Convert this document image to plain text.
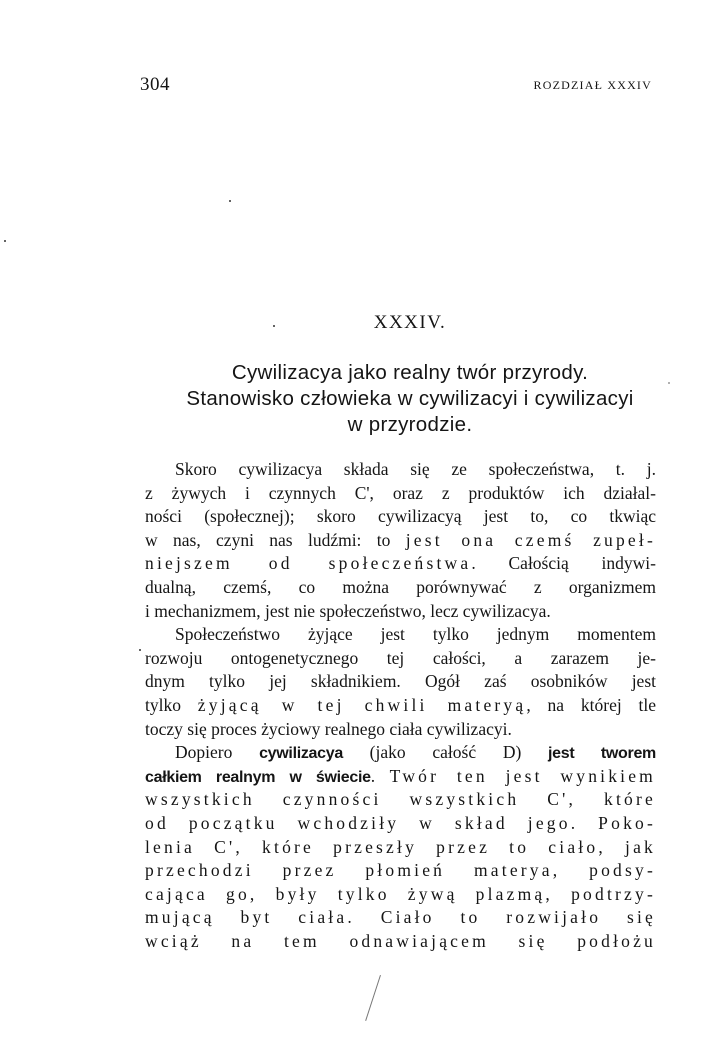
304	ROZDZIAŁ XXXIV
XXXIV.
Cywilizacya jako realny twór przyrody.
Stanowisko człowieka w cywilizacyi i cywilizacyi
w przyrodzie.
Skoro cywilizacya składa się ze społeczeństwa, t. j.
z żywych i czynnych C', oraz z produktów ich działal-
ności (społecznej); skoro cywilizacyą jest to, co tkwiąc
w nas, czyni nas ludźmi: to jest ona czemś zupeł-
niejszem od społeczeństwa. Całością indywi-
dualną, czemś, co można porównywać z organizmem
i mechanizmem, jest nie społeczeństwo, lecz cywilizacya.
Społeczeństwo żyjące jest tylko jednym momentem
rozwoju ontogenetycznego tej całości, a zarazem je-
dnym tylko jej składnikiem. Ogół zaś osobników jest
tylko żyjącą w tej chwili materyą, na której tle
toczy się proces życiowy realnego ciała cywilizacyi.
Dopiero cywilizacya (jako całość D) jest tworem
całkiem realnym w świecie. Twór ten jest wynikiem
wszystkich czynności wszystkich C', które
od początku wchodziły w skład jego. Poko-
lenia C', które przeszły przez to ciało, jak
przechodzi przez płomień materya, podsy-
cająca go, były tylko żywą plazmą, podtrzy-
mującą byt ciała. Ciało to rozwijało się
wciąż na tem odnawiającem się podłożu
